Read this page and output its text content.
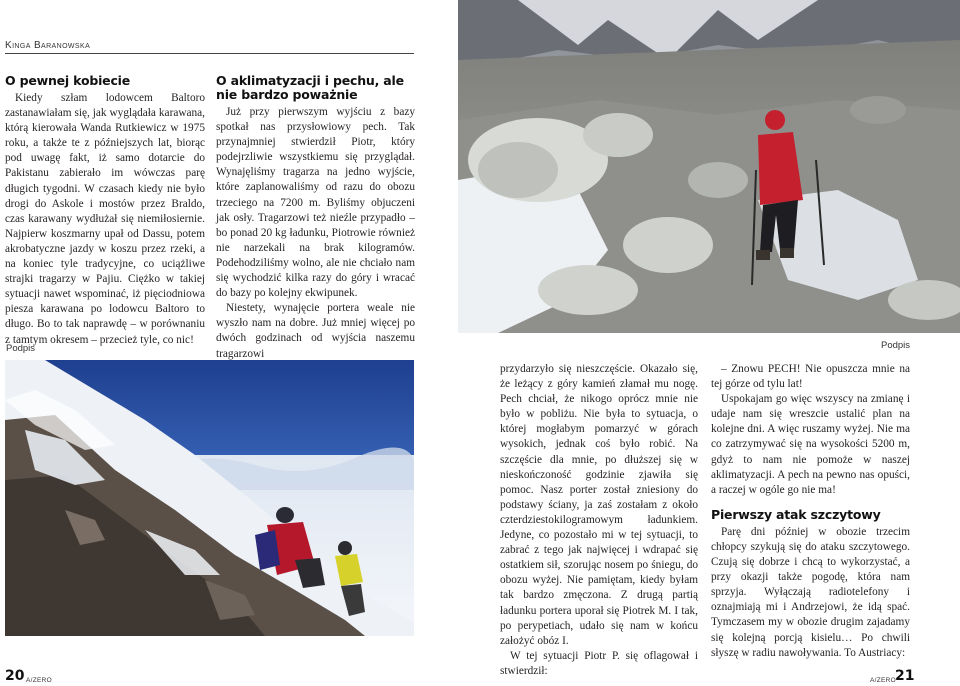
Kinga Baranowska
O pewnej kobiecie

Kiedy szłam lodowcem Baltoro zastanawiałam się, jak wyglądała karawana, którą kierowała Wanda Rutkiewicz w 1975 roku, a także te z późniejszych lat, biorąc pod uwagę fakt, iż samo dotarcie do Pakistanu zabierało im wówczas parę długich tygodni. W czasach kiedy nie było drogi do Askole i mostów przez Braldo, czas karawany wydłużał się niemiłosiernie. Najpierw koszmarny upał od Dassu, potem akrobatyczne jazdy w koszu przez rzeki, a na koniec tyle tradycyjne, co uciążliwe strajki tragarzy w Pajiu. Ciężko w takiej sytuacji nawet wspominać, iż pięciodniowa piesza karawana po lodowcu Baltoro to długo. Bo to tak naprawdę – w porównaniu z tamtym okresem – przecież tyle, co nic!

O aklimatyzacji i pechu, ale nie bardzo poważnie

Już przy pierwszym wyjściu z bazy spotkał nas przysłowiowy pech. Tak przynajmniej stwierdził Piotr, który podejrzliwie wszystkiemu się przyglądał. Wynajęliśmy tragarza na jedno wyjście, które zaplanowaliśmy od razu do obozu trzeciego na 7200 m. Byliśmy objuczeni jak osły. Tragarzowi też nieźle przypadło – bo ponad 20 kg ładunku, Piotrowie również nie narzekali na brak kilogramów. Podehodziliśmy wolno, ale nie chciało nam się wychodzić kilka razy do góry i wracać do bazy po kolejny ekwipunek.

Niestety, wynajęcie portera weale nie wyszło nam na dobre. Już mniej więcej po dwóch godzinach od wyjścia naszemu tragarzowi

Podpis
20 A/ZERO
Podpis
21
A/ZERO

przydarzyło się nieszczęście. Okazało się, że leżący z góry kamień złamał mu nogę. Pech chciał, że nikogo oprócz mnie nie było w pobliżu. Nie była to sytuacja, o której mogłabym pomarzyć w górach wysokich, jednak coś było robić. Na szczęście dla mnie, po dłuższej się w nieskończoność godzinie zjawiła się pomoc. Nasz porter został zniesiony do podstawy ściany, ja zaś zostałam z około czterdziestokilogramowym ładunkiem. Jedyne, co pozostało mi w tej sytuacji, to zabrać z tego jak najwięcej i wdrapać się ostatkiem sił, szorując nosem po śniegu, do obozu wyżej. Nie pamiętam, kiedy byłam tak bardzo zmęczona. Z drugą partią ładunku portera uporał się Piotrek M. I tak, po perypetiach, udało się nam w końcu założyć obóz I.

W tej sytuacji Piotr P. się oflagował i stwierdził:

– Znowu PECH! Nie opuszcza mnie na tej górze od tylu lat!

Uspokajam go więc wszyscy na zmianę i udaje nam się wreszcie ustalić plan na kolejne dni. A więc ruszamy wyżej. Nie ma co zatrzymywać się na wysokości 5200 m, gdyż to nam nie pomoże w naszej aklimatyzacji. A pech na pewno nas opuści, a raczej w ogóle go nie ma!

Pierwszy atak szczytowy

Parę dni później w obozie trzecim chłopcy szykują się do ataku szczytowego. Czują się dobrze i chcą to wykorzystać, a przy okazji także pogodę, która nam sprzyja. Wyłączają radiotelefony i oznajmiają mi i Andrzejowi, że idą spać. Tymczasem my w obozie drugim zajadamy się kolejną porcją kisielu… Po chwili słyszę w radiu nawoływania. To Austriacy:
